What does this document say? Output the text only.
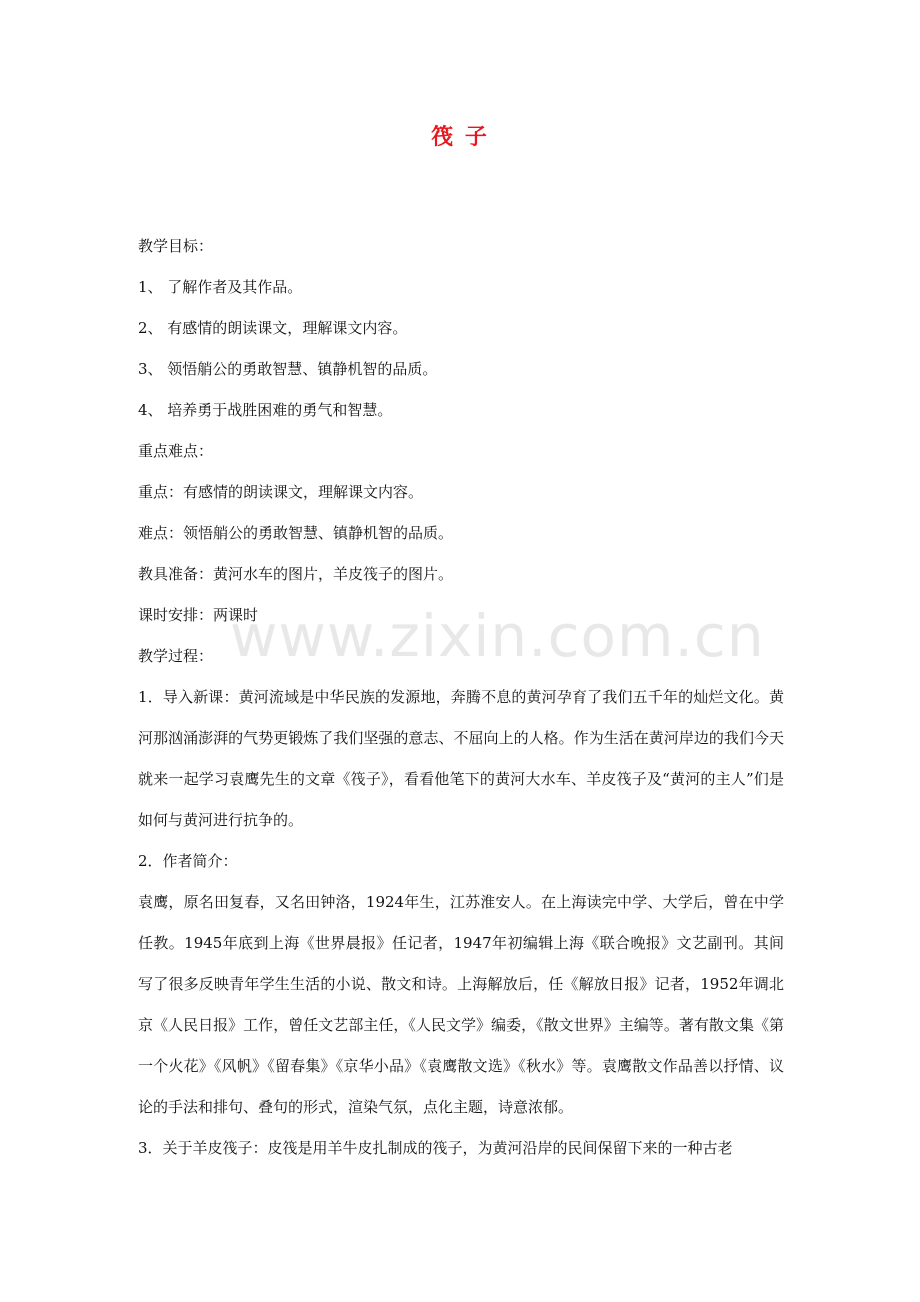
筏 子

教学目标：

1、 了解作者及其作品。

2、 有感情的朗读课文，理解课文内容。

3、 领悟艄公的勇敢智慧、镇静机智的品质。

4、 培养勇于战胜困难的勇气和智慧。

重点难点：

重点：有感情的朗读课文，理解课文内容。

难点：领悟艄公的勇敢智慧、镇静机智的品质。

教具准备：黄河水车的图片，羊皮筏子的图片。

课时安排：两课时

教学过程：

1．导入新课：黄河流域是中华民族的发源地，奔腾不息的黄河孕育了我们五千年的灿烂文化。黄河那汹涌澎湃的气势更锻炼了我们坚强的意志、不屈向上的人格。作为生活在黄河岸边的我们今天就来一起学习袁鹰先生的文章《筏子》，看看他笔下的黄河大水车、羊皮筏子及“黄河的主人”们是如何与黄河进行抗争的。

2．作者简介：

袁鹰，原名田复春，又名田钟洛，1924年生，江苏淮安人。在上海读完中学、大学后，曾在中学任教。1945年底到上海《世界晨报》任记者，1947年初编辑上海《联合晚报》文艺副刊。其间写了很多反映青年学生生活的小说、散文和诗。上海解放后，任《解放日报》记者，1952年调北京《人民日报》工作，曾任文艺部主任，《人民文学》编委，《散文世界》主编等。著有散文集《第一个火花》《风帆》《留春集》《京华小品》《袁鹰散文选》《秋水》等。袁鹰散文作品善以抒情、议论的手法和排句、叠句的形式，渲染气氛，点化主题，诗意浓郁。

3．关于羊皮筏子：皮筏是用羊牛皮扎制成的筏子，为黄河沿岸的民间保留下来的一种古老

www.zixin.com.cn
